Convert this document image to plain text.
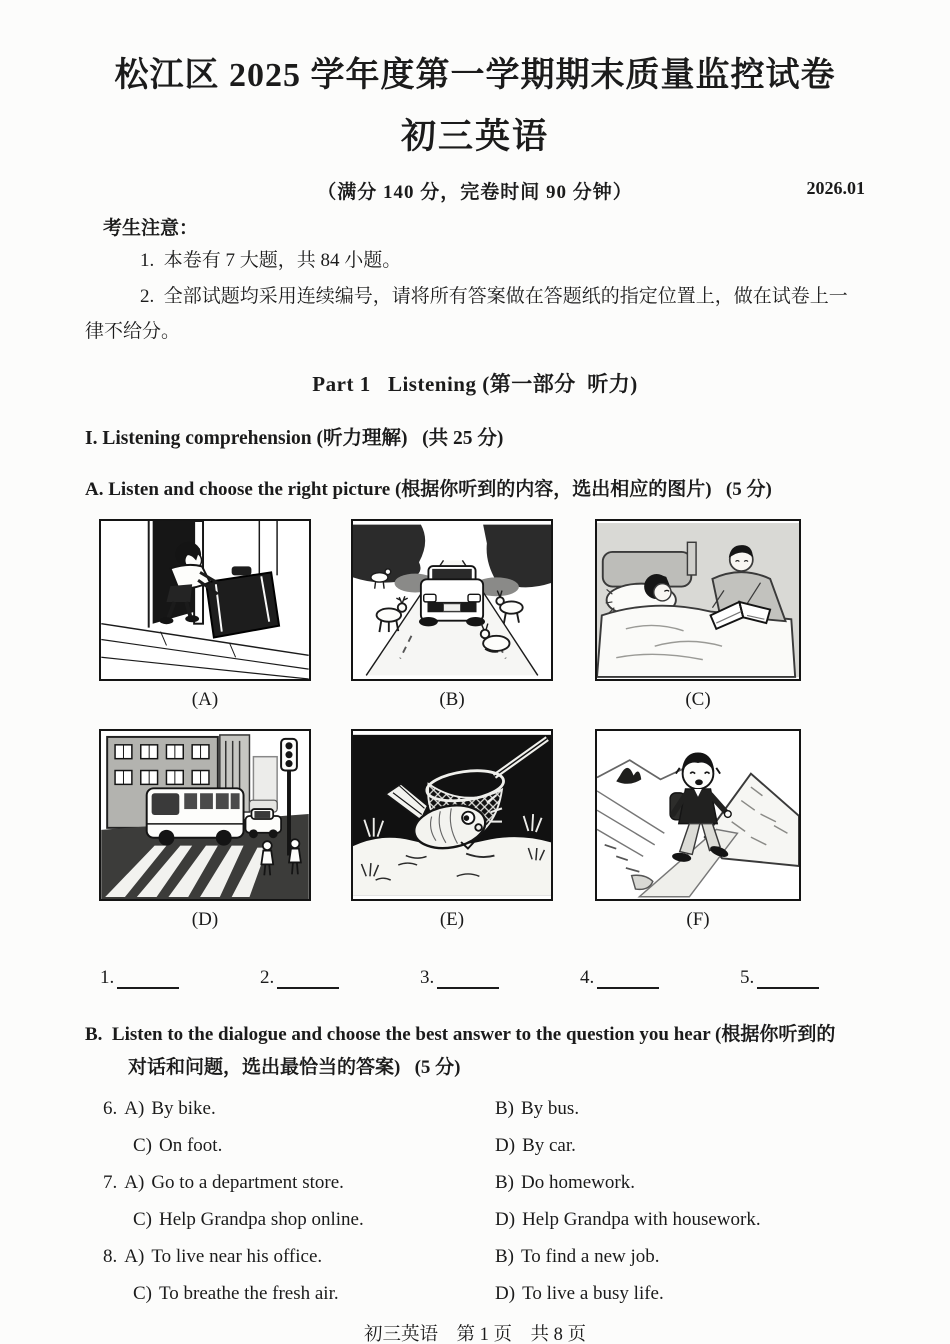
松江区 2025 学年度第一学期期末质量监控试卷
初三英语
（满分 140 分，完卷时间 90 分钟）	2026.01
考生注意：
1.  本卷有 7 大题，共 84 小题。
2.  全部试题均采用连续编号，请将所有答案做在答题纸的指定位置上，做在试卷上一
律不给分。
Part 1   Listening (第一部分  听力)
I. Listening comprehension (听力理解)   (共 25 分)
A. Listen and choose the right picture (根据你听到的内容，选出相应的图片)   (5 分)
(A)	(B)	(C)
(D)	(E)	(F)
1.	2.	3.	4.	5.
B.  Listen to the dialogue and choose the best answer to the question you hear (根据你听到的
对话和问题，选出最恰当的答案)   (5 分)
6. A) By bike.	B) By bus.
C) On foot.	D) By car.
7. A) Go to a department store.	B) Do homework.
C) Help Grandpa shop online.	D) Help Grandpa with housework.
8. A) To live near his office.	B) To find a new job.
C) To breathe the fresh air.	D) To live a busy life.
初三英语    第 1 页    共 8 页
